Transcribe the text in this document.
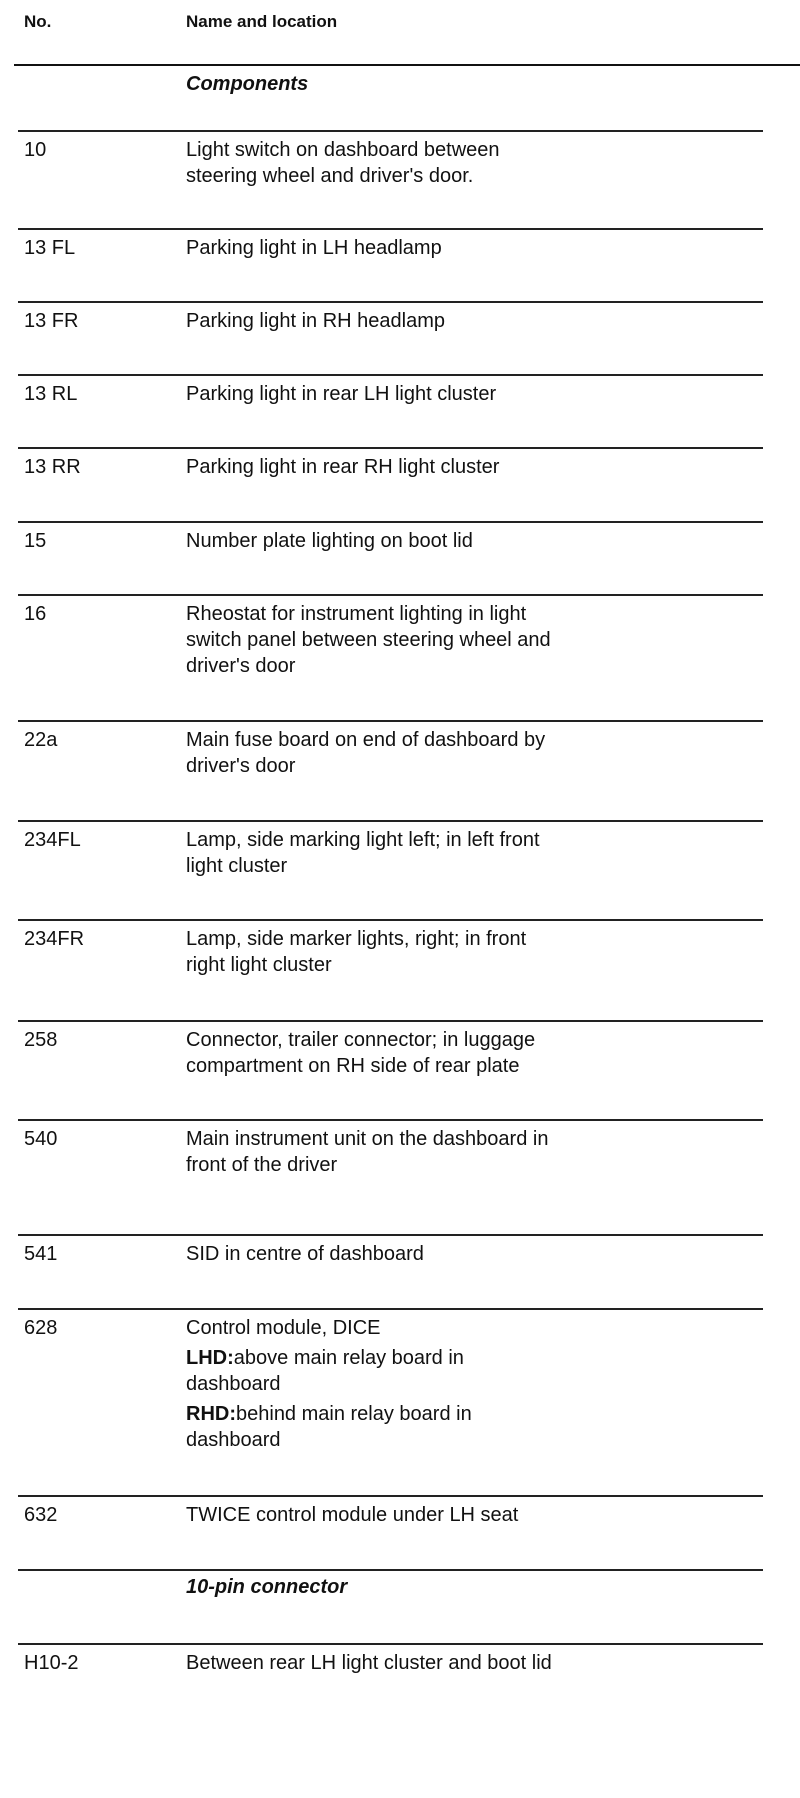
No.	Name and location
Components
10	Light switch on dashboard between
steering wheel and driver's door.
13 FL	Parking light in LH headlamp
13 FR	Parking light in RH headlamp
13 RL	Parking light in rear LH light cluster
13 RR	Parking light in rear RH light cluster
15	Number plate lighting on boot lid
16	Rheostat for instrument lighting in light
switch panel between steering wheel and
driver's door
22a	Main fuse board on end of dashboard by
driver's door
234FL	Lamp, side marking light left; in left front
light cluster
234FR	Lamp, side marker lights, right; in front
right light cluster
258	Connector, trailer connector; in luggage
compartment on RH side of rear plate
540	Main instrument unit on the dashboard in
front of the driver
541	SID in centre of dashboard
628	Control module, DICE
LHD:above main relay board in
dashboard
RHD:behind main relay board in
dashboard
632	TWICE control module under LH seat
10-pin connector
H10-2	Between rear LH light cluster and boot lid
